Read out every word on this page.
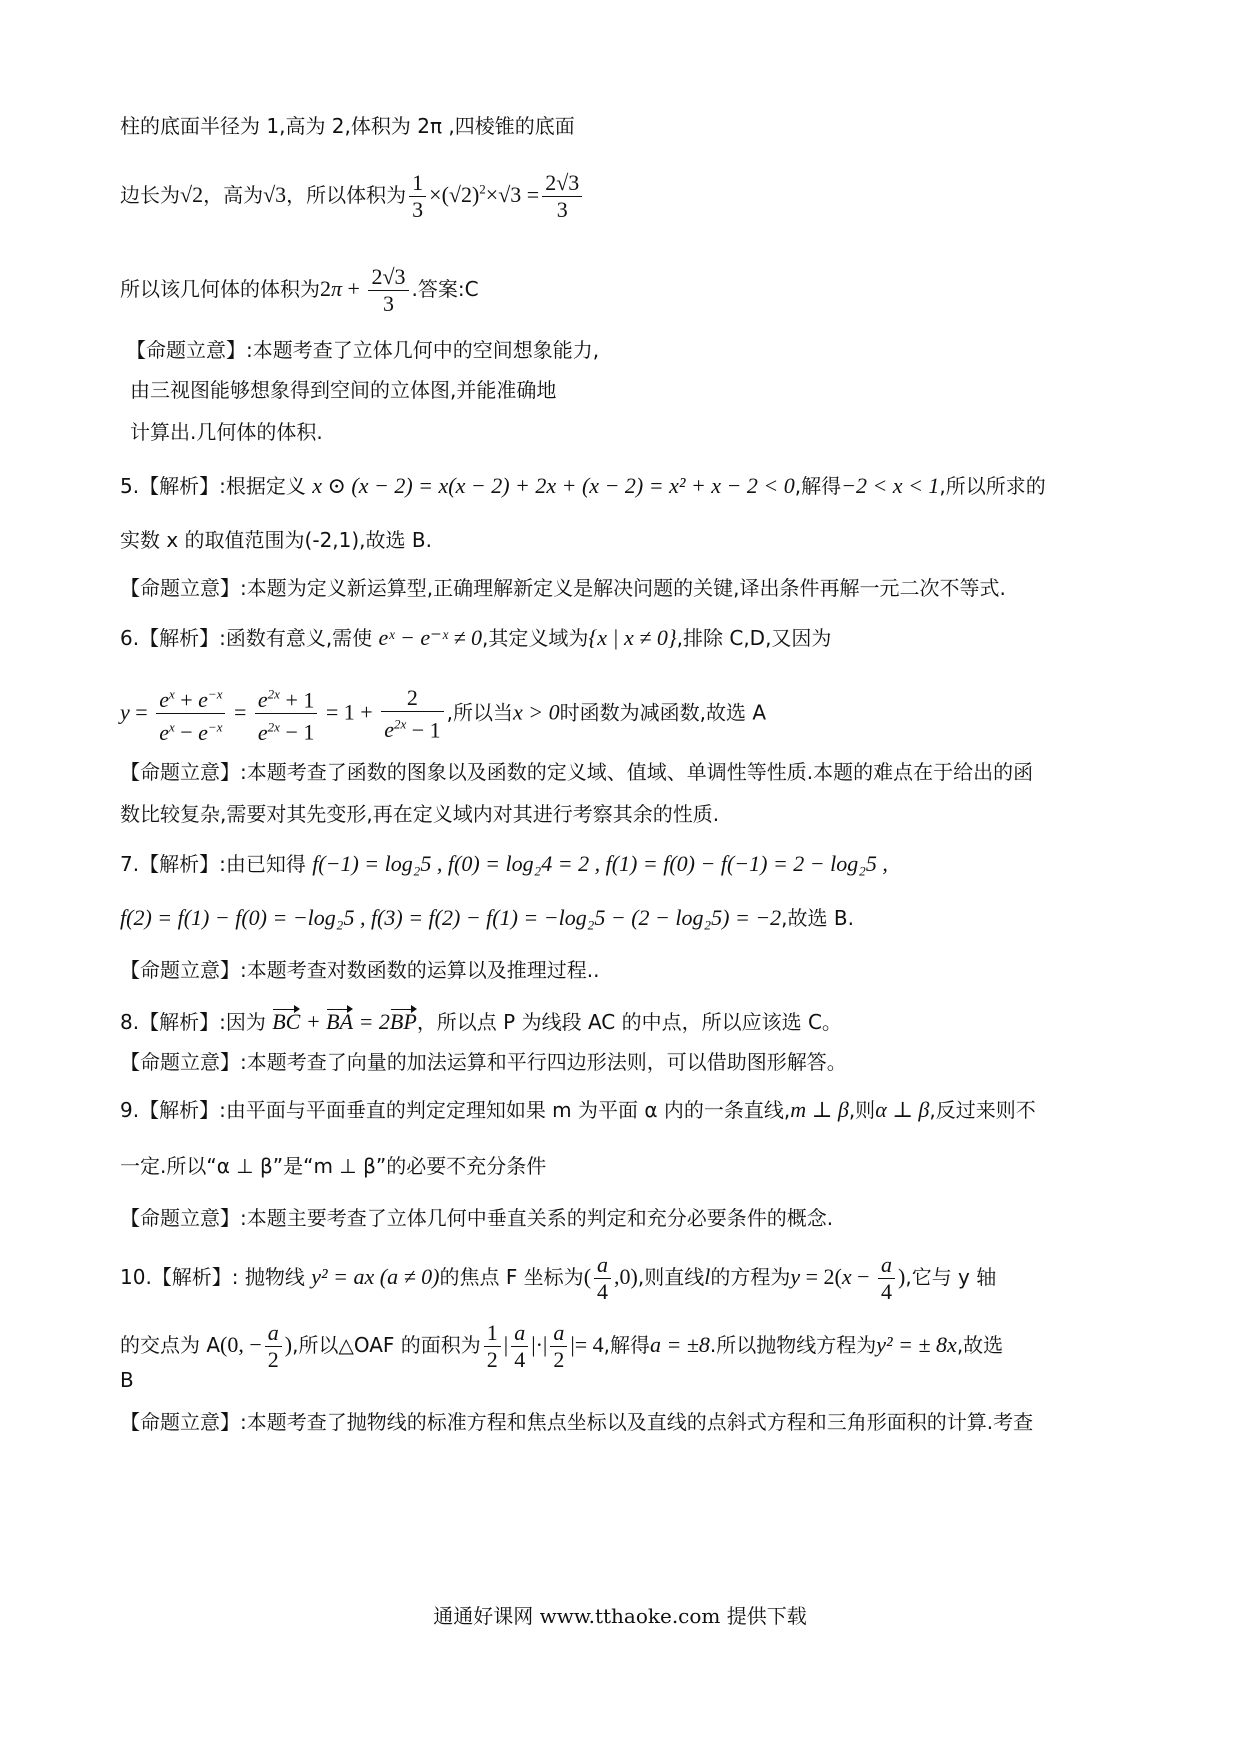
柱的底面半径为 1,高为 2,体积为 2π ,四棱锥的底面
边长为√2，高为√3，所以体积为 $\frac{1}{3} \times(√2)^2\times√3 = \frac{2√3}{3}$
所以该几何体的体积为$2\pi + \frac{2√3}{3}$ .答案:C
【命题立意】:本题考查了立体几何中的空间想象能力,
由三视图能够想象得到空间的立体图,并能准确地
计算出.几何体的体积.
5.【解析】:根据定义 x ⊙ (x − 2) = x(x − 2) + 2x + (x − 2) = x² + x − 2 < 0,解得−2 < x < 1,所以所求的
实数 x 的取值范围为(-2,1),故选 B.
【命题立意】:本题为定义新运算型,正确理解新定义是解决问题的关键,译出条件再解一元二次不等式.
6.【解析】:函数有意义,需使 eˣ − e⁻ˣ ≠ 0,其定义域为{x | x ≠ 0},排除 C,D,又因为
$y = \frac{e^x + e^{-x}}{e^x - e^{-x}} = \frac{e^{2x} + 1}{e^{2x} - 1} = 1 + \frac{2}{e^{2x} - 1}$ ,所以当x > 0时函数为减函数,故选 A
【命题立意】:本题考查了函数的图象以及函数的定义域、值域、单调性等性质.本题的难点在于给出的函
数比较复杂,需要对其先变形,再在定义域内对其进行考察其余的性质.
7.【解析】:由已知得 f(−1) = log₂5 , f(0) = log₂4 = 2 , f(1) = f(0) − f(−1) = 2 − log₂5 ,
f(2) = f(1) − f(0) = −log₂5 , f(3) = f(2) − f(1) = −log₂5 − (2 − log₂5) = −2,故选 B.
【命题立意】:本题考查对数函数的运算以及推理过程..
8.【解析】:因为 BC + BA = 2BP，所以点 P 为线段 AC 的中点，所以应该选 C。
【命题立意】:本题考查了向量的加法运算和平行四边形法则，可以借助图形解答。
9.【解析】:由平面与平面垂直的判定定理知如果 m 为平面 α 内的一条直线,m ⊥ β,则α ⊥ β,反过来则不
一定.所以“α ⊥ β”是“m ⊥ β”的必要不充分条件
【命题立意】:本题主要考查了立体几何中垂直关系的判定和充分必要条件的概念.
10.【解析】: 抛物线 y² = ax (a ≠ 0)的焦点 F 坐标为( $\frac{a}{4} ,0$),则直线l的方程为$y = 2(x - \frac{a}{4}$ ),它与 y 轴
的交点为 A(0, − $\frac{a}{2}$ ),所以△OAF 的面积为 $\frac{1}{2}$ | $\frac{a}{4}$ |·| $\frac{a}{2}$ |= 4,解得a = ±8.所以抛物线方程为y² = ± 8x,故选
B
【命题立意】:本题考查了抛物线的标准方程和焦点坐标以及直线的点斜式方程和三角形面积的计算.考查
通通好课网 www.tthaoke.com 提供下载
